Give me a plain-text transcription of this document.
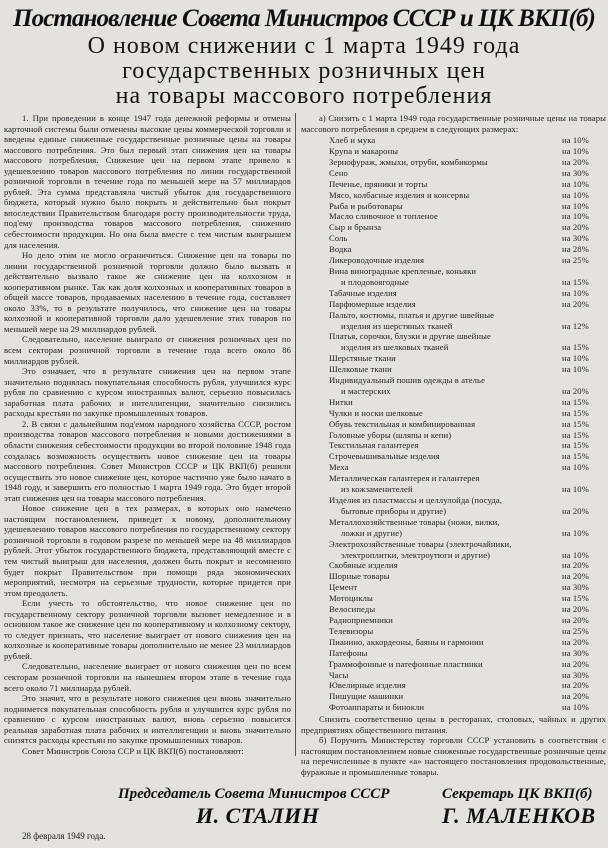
Постановление Совета Министров СССР и ЦК ВКП(б)
О новом снижении с 1 марта 1949 года
государственных розничных цен
на товары массового потребления

1. При проведении в конце 1947 года денежной реформы и отмены карточной системы были отменены высокие цены коммерческой торговли и введены единые сниженные государственные розничные цены на товары массового потребления. Это был первый этап снижения цен на товары массового потребления. Снижение цен на первом этапе привело к удешевлению товаров массового потребления по линии государственной розничной торговли в течение года по меньшей мере на 57 миллиардов рублей. Эта сумма представляла чистый убыток для государственного бюджета, который нужно было покрыть и действительно был покрыт впоследствии Правительством благодаря росту производительности труда, под'ему производства товаров массового потребления, снижению себестоимости продукции. Но она была вместе с тем чистым выигрышем для населения.

Но дело этим не могло ограничиться. Снижение цен на товары по линии государственной розничной торговли должно было вызвать и действительно вызвало такое же снижение цен на колхозном и кооперативном рынке. Так как доля колхозных и кооперативных товаров в общей массе товаров, продаваемых населению в течение года, составляет около 33%, то в результате получилось, что снижение цен на товары колхозной и кооперативной торговли дало удешевление этих товаров по меньшей мере на 29 миллиардов рублей.

Следовательно, население выиграло от снижения розничных цен по всем секторам розничной торговли в течение года всего около 86 миллиардов рублей.

Это означает, что в результате снижения цен на первом этапе значительно поднялась покупательная способность рубля, улучшился курс рубля по сравнению с курсом иностранных валют, серьезно повысилась заработная плата рабочих и интеллигенции, значительно снизились расходы крестьян по закупке промышленных товаров.

2. В связи с дальнейшим под'емом народного хозяйства СССР, ростом производства товаров массового потребления и новыми достижениями в области снижения себестоимости продукции во второй половине 1948 года создалась возможность осуществить новое снижение цен на товары массового потребления. Совет Министров СССР и ЦК ВКП(б) решили осуществить это новое снижение цен, которое частично уже было начато в 1948 году, и завершить его полностью 1 марта 1949 года. Это будет второй этап снижения цен на товары массового потребления.

Новое снижение цен в тех размерах, в которых оно намечено настоящим постановлением, приведет к новому, дополнительному удешевлению товаров массового потребления по государственному сектору розничной торговли в годовом разрезе по меньшей мере на 48 миллиардов рублей. Этот убыток государственного бюджета, представляющий вместе с тем чистый выигрыш для населения, должен быть покрыт и несомненно будет покрыт Правительством при помощи ряда экономических мероприятий, несмотря на серьезные трудности, которые придется при этом преодолеть.

Если учесть то обстоятельство, что новое снижение цен по государственному сектору розничной торговли вызовет немедленное и в основном такое же снижение цен по кооперативному и колхозному сектору, то следует признать, что население выиграет от нового снижения цен на колхозные и кооперативные товары дополнительно не менее 23 миллиардов рублей.

Следовательно, население выиграет от нового снижения цен по всем секторам розничной торговли на нынешнем втором этапе в течение года всего около 71 миллиарда рублей.

Это значит, что в результате нового снижения цен вновь значительно поднимется покупательная способность рубля и улучшится курс рубля по сравнению с курсом иностранных валют, вновь серьезно повысится реальная заработная плата рабочих и интеллигенции и вновь значительно снизятся расходы крестьян по закупке промышленных товаров.

Совет Министров Союза ССР и ЦК ВКП(б) постановляют:

а) Снизить с 1 марта 1949 года государственные розничные цены на товары массового потребления в среднем в следующих размерах:

Хлеб и мука	на 10%
Крупа и макароны	на 10%
Зернофураж, жмыхи, отруби, комбикормы	на 20%
Сено	на 30%
Печенье, пряники и торты	на 10%
Мясо, колбасные изделия и консервы	на 10%
Рыба и рыботовары	на 10%
Масло сливочное и топленое	на 10%
Сыр и брынза	на 20%
Соль	на 30%
Водка	на 28%
Ликероводочные изделия	на 25%
Вина виноградные крепленые, коньяки
и плодовоягодные	на 15%
Табачные изделия	на 10%
Парфюмерные изделия	на 20%
Пальто, костюмы, платья и другие швейные
изделия из шерстяных тканей	на 12%
Платья, сорочки, блузки и другие швейные
изделия из шелковых тканей	на 15%
Шерстяные ткани	на 10%
Шелковые ткани	на 10%
Индивидуальный пошив одежды в ателье
и мастерских	на 20%
Нитки	на 15%
Чулки и носки шелковые	на 15%
Обувь текстильная и комбинированная	на 15%
Головные уборы (шляпы и кепи)	на 15%
Текстильная галантерея	на 15%
Строчевышивальные изделия	на 15%
Меха	на 10%
Металлическая галантерея и галантерея
из кожзаменителей	на 10%
Изделия из пластмассы и целлулойда (посуда,
бытовые приборы и другие)	на 20%
Металлохозяйственные товары (ножи, вилки,
ложки и другие)	на 10%
Электрохозяйственные товары (электрочайники,
электроплитки, электроутюги и другие)	на 10%
Скобяные изделия	на 20%
Шорные товары	на 20%
Цемент	на 30%
Мотоциклы	на 15%
Велосипеды	на 20%
Радиоприемники	на 20%
Телевизоры	на 25%
Пианино, аккордеоны, баяны и гармонии	на 20%
Патефоны	на 30%
Граммофонные и патефонные пластинки	на 20%
Часы	на 30%
Ювелирные изделия	на 20%
Пишущие машинки	на 20%
Фотоаппараты и бинокли	на 10%

Снизить соответственно цены в ресторанах, столовых, чайных и других предприятиях общественного питания.

б) Поручить Министерству торговли СССР установить в соответствии с настоящим постановлением новые сниженные государственные розничные цены на перечисленные в пункте «а» настоящего постановления продовольственные, фуражные и промышленные товары.

Председатель Совета Министров СССР
И. СТАЛИН
Секретарь ЦК ВКП(б)
Г. МАЛЕНКОВ
28 февраля 1949 года.
